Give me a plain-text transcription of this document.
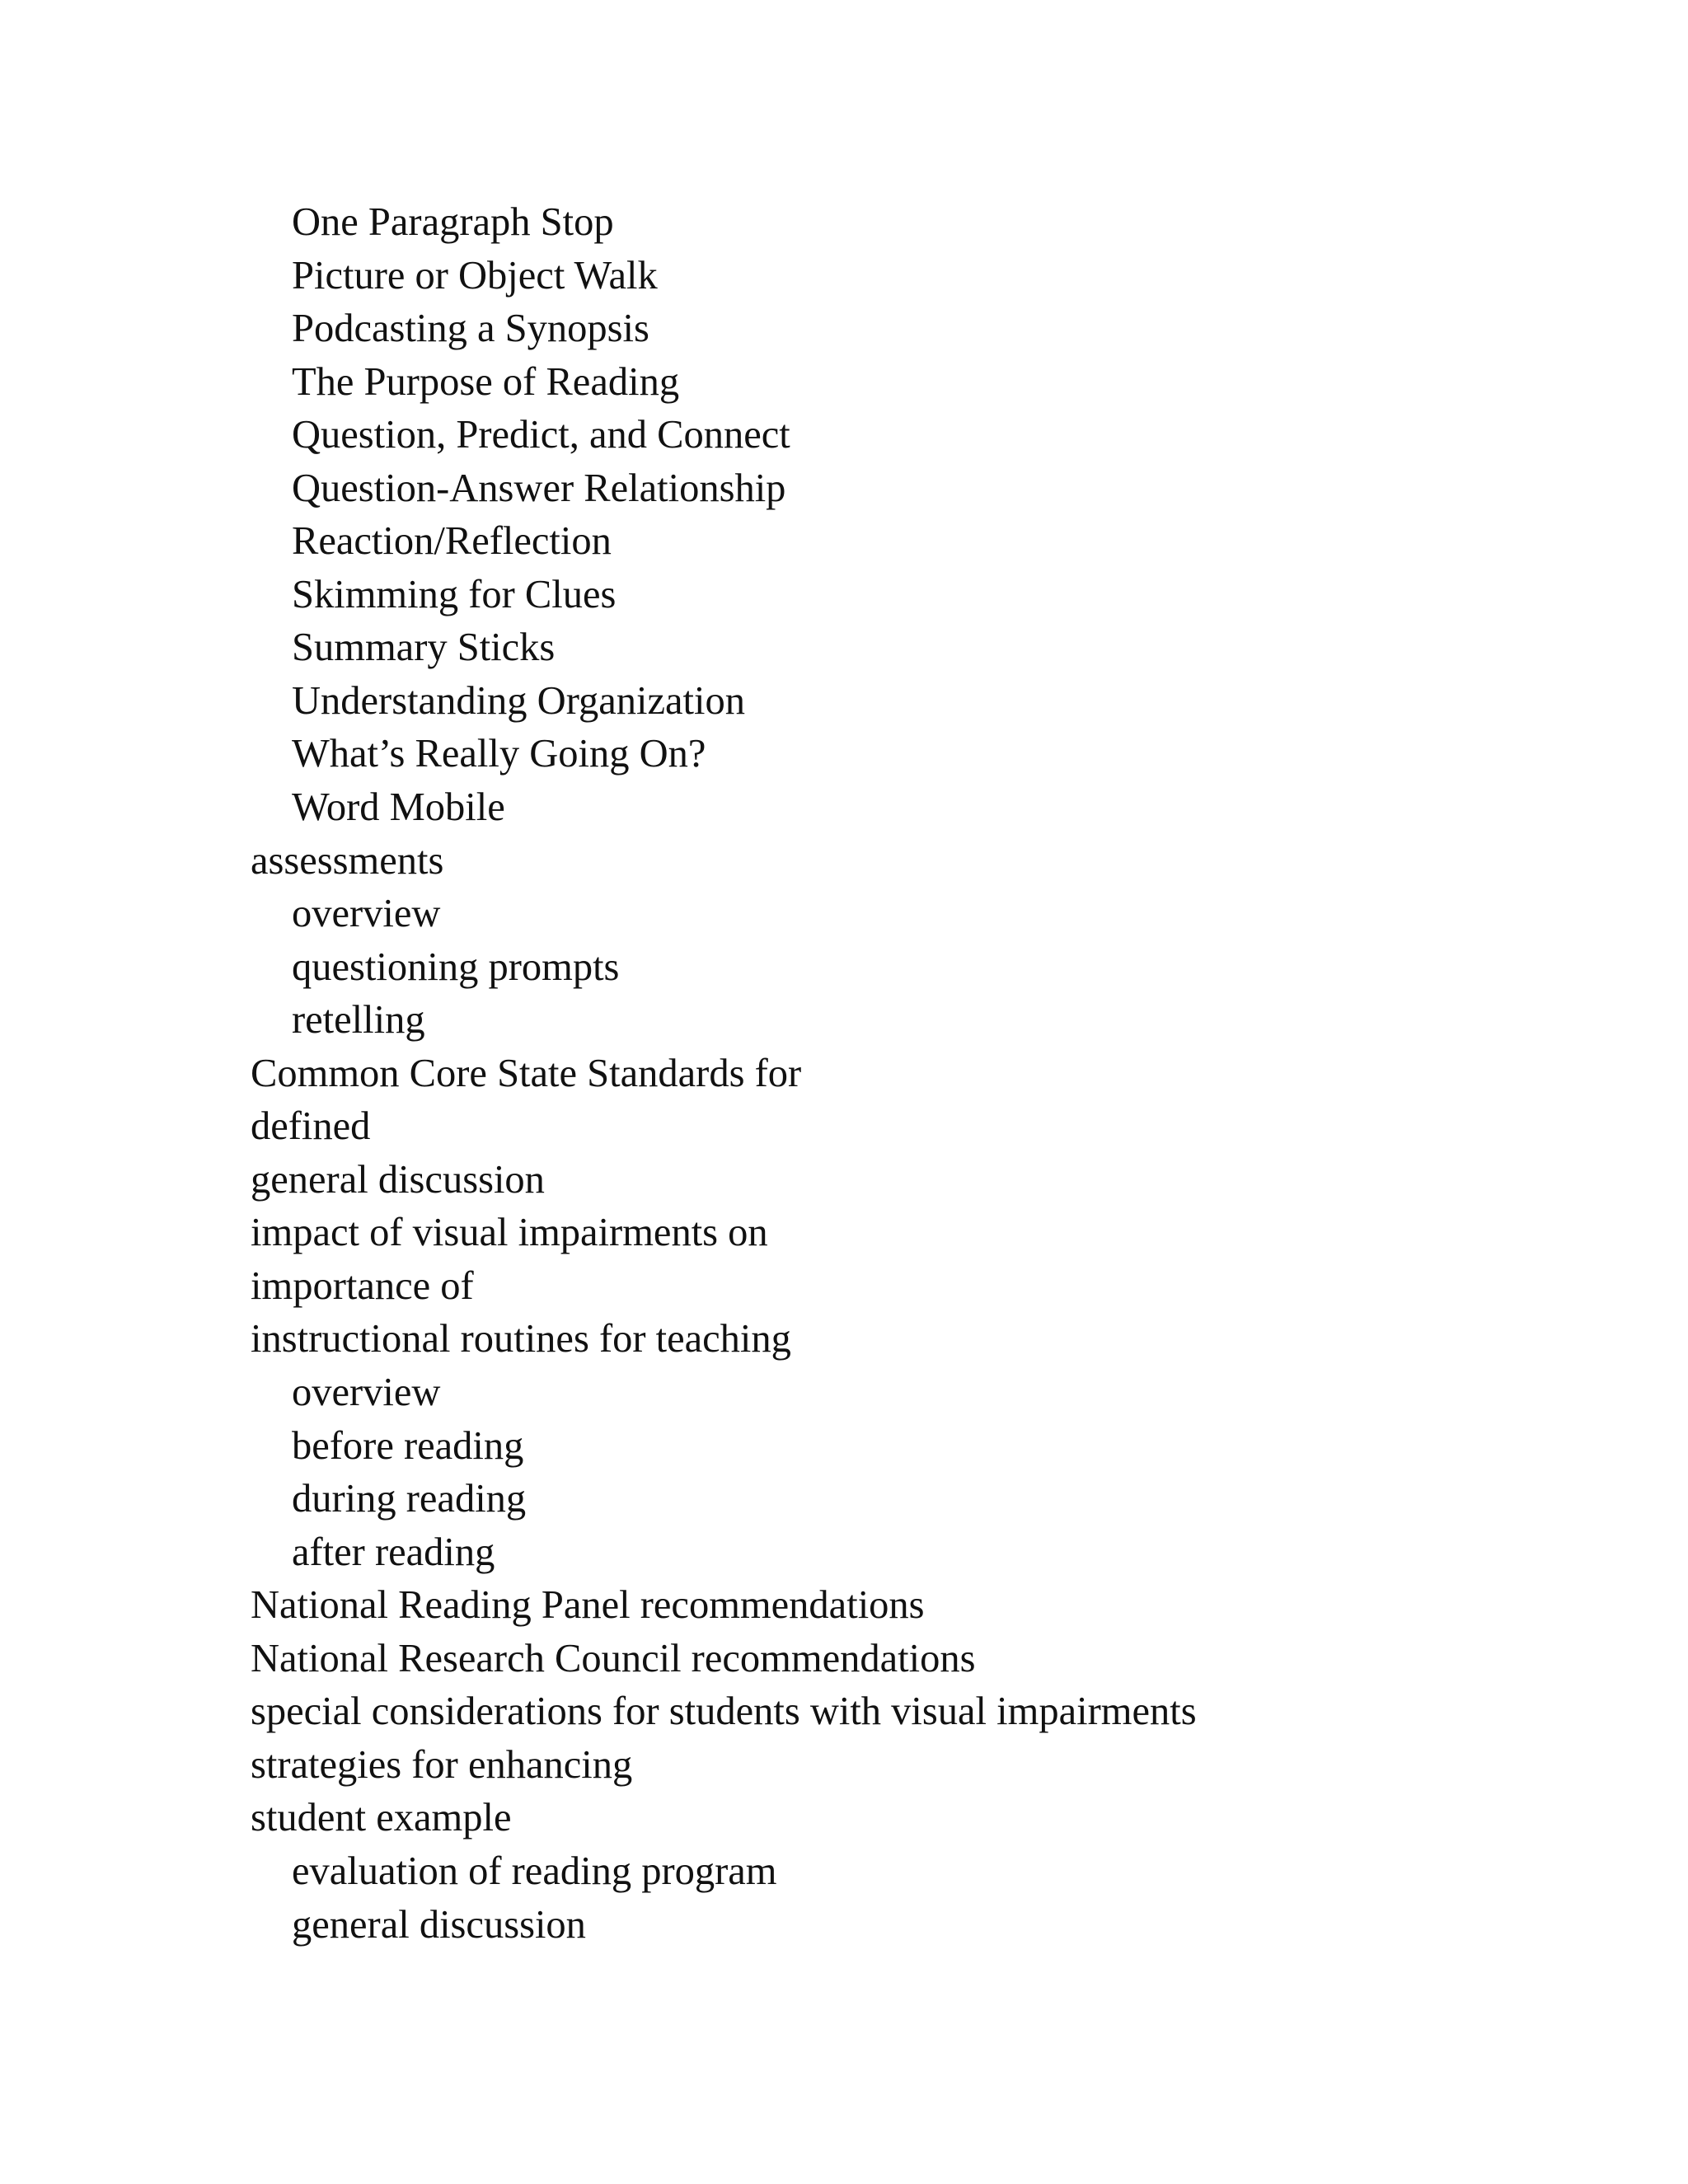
One Paragraph Stop
Picture or Object Walk
Podcasting a Synopsis
The Purpose of Reading
Question, Predict, and Connect
Question-Answer Relationship
Reaction/Reflection
Skimming for Clues
Summary Sticks
Understanding Organization
What’s Really Going On?
Word Mobile
assessments
overview
questioning prompts
retelling
Common Core State Standards for
defined
general discussion
impact of visual impairments on
importance of
instructional routines for teaching
overview
before reading
during reading
after reading
National Reading Panel recommendations
National Research Council recommendations
special considerations for students with visual impairments
strategies for enhancing
student example
evaluation of reading program
general discussion
